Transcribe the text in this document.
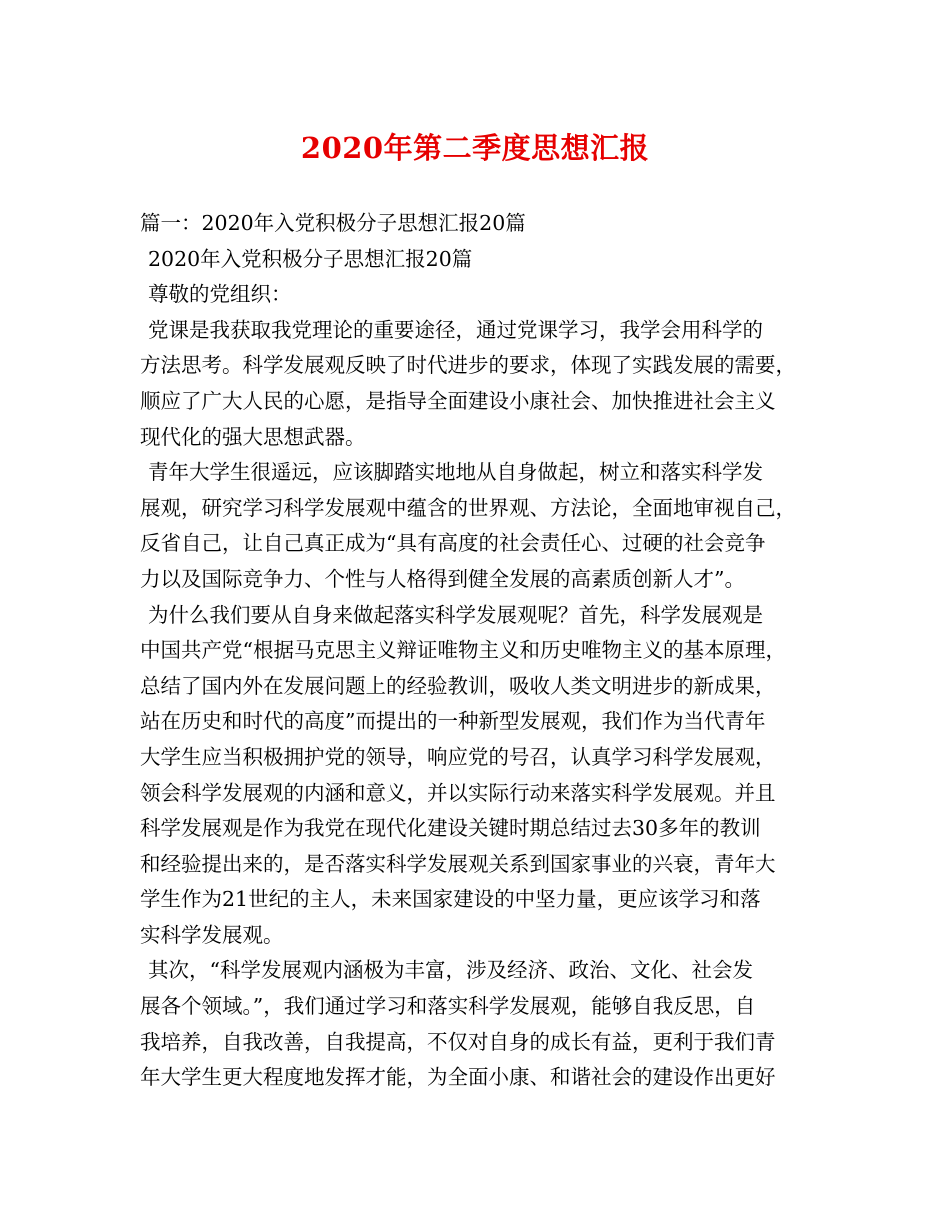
2020年第二季度思想汇报
篇一：2020年入党积极分子思想汇报20篇
2020年入党积极分子思想汇报20篇
尊敬的党组织：
党课是我获取我党理论的重要途径，通过党课学习，我学会用科学的
方法思考。科学发展观反映了时代进步的要求，体现了实践发展的需要，
顺应了广大人民的心愿，是指导全面建设小康社会、加快推进社会主义
现代化的强大思想武器。
青年大学生很遥远，应该脚踏实地地从自身做起，树立和落实科学发
展观，研究学习科学发展观中蕴含的世界观、方法论，全面地审视自己，
反省自己，让自己真正成为“具有高度的社会责任心、过硬的社会竞争
力以及国际竞争力、个性与人格得到健全发展的高素质创新人才”。
为什么我们要从自身来做起落实科学发展观呢？首先，科学发展观是
中国共产党“根据马克思主义辩证唯物主义和历史唯物主义的基本原理，
总结了国内外在发展问题上的经验教训，吸收人类文明进步的新成果，
站在历史和时代的高度”而提出的一种新型发展观，我们作为当代青年
大学生应当积极拥护党的领导，响应党的号召，认真学习科学发展观，
领会科学发展观的内涵和意义，并以实际行动来落实科学发展观。并且
科学发展观是作为我党在现代化建设关键时期总结过去30多年的教训
和经验提出来的，是否落实科学发展观关系到国家事业的兴衰，青年大
学生作为21世纪的主人，未来国家建设的中坚力量，更应该学习和落
实科学发展观。
其次，“科学发展观内涵极为丰富，涉及经济、政治、文化、社会发
展各个领域。”，我们通过学习和落实科学发展观，能够自我反思，自
我培养，自我改善，自我提高，不仅对自身的成长有益，更利于我们青
年大学生更大程度地发挥才能，为全面小康、和谐社会的建设作出更好
